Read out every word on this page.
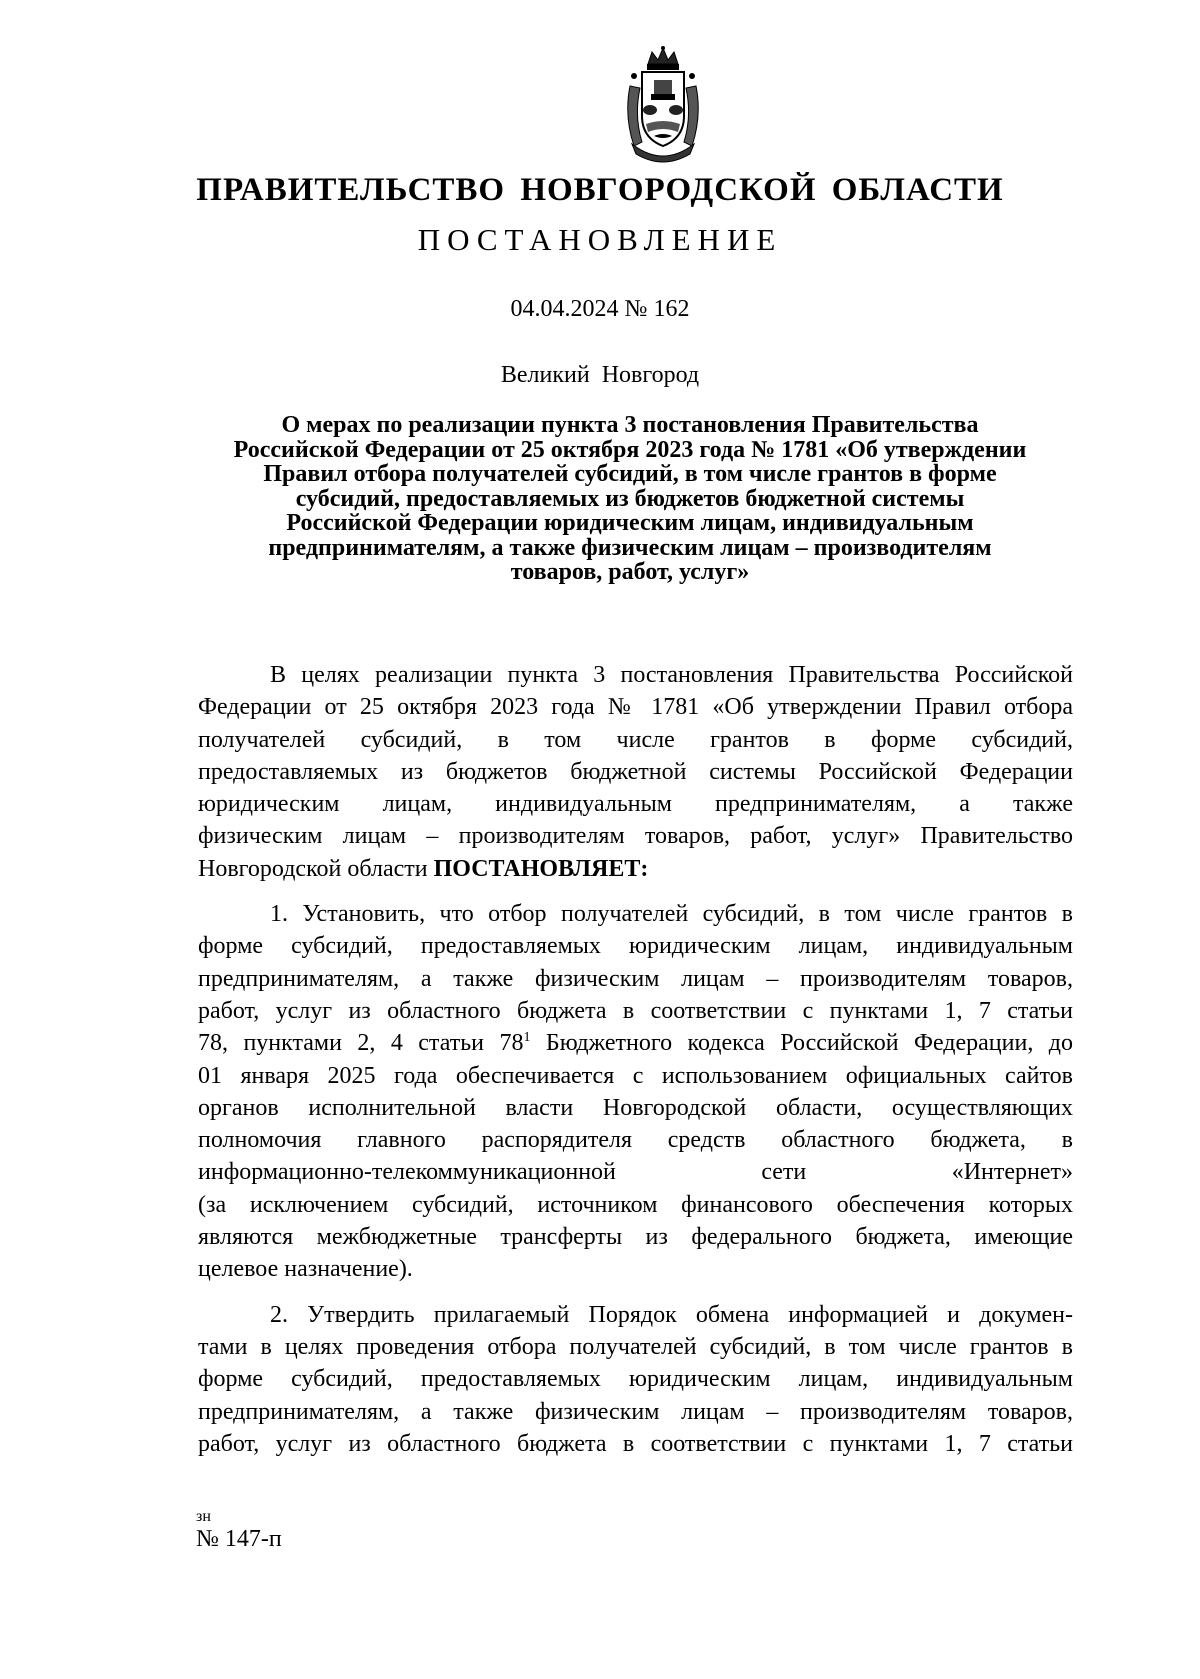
ПРАВИТЕЛЬСТВО НОВГОРОДСКОЙ ОБЛАСТИ
ПОСТАНОВЛЕНИЕ
04.04.2024 № 162
Великий Новгород
О мерах по реализации пункта 3 постановления Правительства
Российской Федерации от 25 октября 2023 года № 1781 «Об утверждении
Правил отбора получателей субсидий, в том числе грантов в форме
субсидий, предоставляемых из бюджетов бюджетной системы
Российской Федерации юридическим лицам, индивидуальным
предпринимателям, а также физическим лицам – производителям
товаров, работ, услуг»
В целях реализации пункта 3 постановления Правительства Российской
Федерации от 25 октября 2023 года № 1781 «Об утверждении Правил отбора
получателей субсидий, в том числе грантов в форме субсидий,
предоставляемых из бюджетов бюджетной системы Российской Федерации
юридическим лицам, индивидуальным предпринимателям, а также
физическим лицам – производителям товаров, работ, услуг» Правительство
Новгородской области ПОСТАНОВЛЯЕТ:
1. Установить, что отбор получателей субсидий, в том числе грантов в
форме субсидий, предоставляемых юридическим лицам, индивидуальным
предпринимателям, а также физическим лицам – производителям товаров,
работ, услуг из областного бюджета в соответствии с пунктами 1, 7 статьи
78, пунктами 2, 4 статьи $78^1$ Бюджетного кодекса Российской Федерации, до
01 января 2025 года обеспечивается с использованием официальных сайтов
органов исполнительной власти Новгородской области, осуществляющих
полномочия главного распорядителя средств областного бюджета, в
информационно-телекоммуникационной сети «Интернет»
(за исключением субсидий, источником финансового обеспечения которых
являются межбюджетные трансферты из федерального бюджета, имеющие
целевое назначение).
2. Утвердить прилагаемый Порядок обмена информацией и докумен-
тами в целях проведения отбора получателей субсидий, в том числе грантов в
форме субсидий, предоставляемых юридическим лицам, индивидуальным
предпринимателям, а также физическим лицам – производителям товаров,
работ, услуг из областного бюджета в соответствии с пунктами 1, 7 статьи
зн
№ 147-п
